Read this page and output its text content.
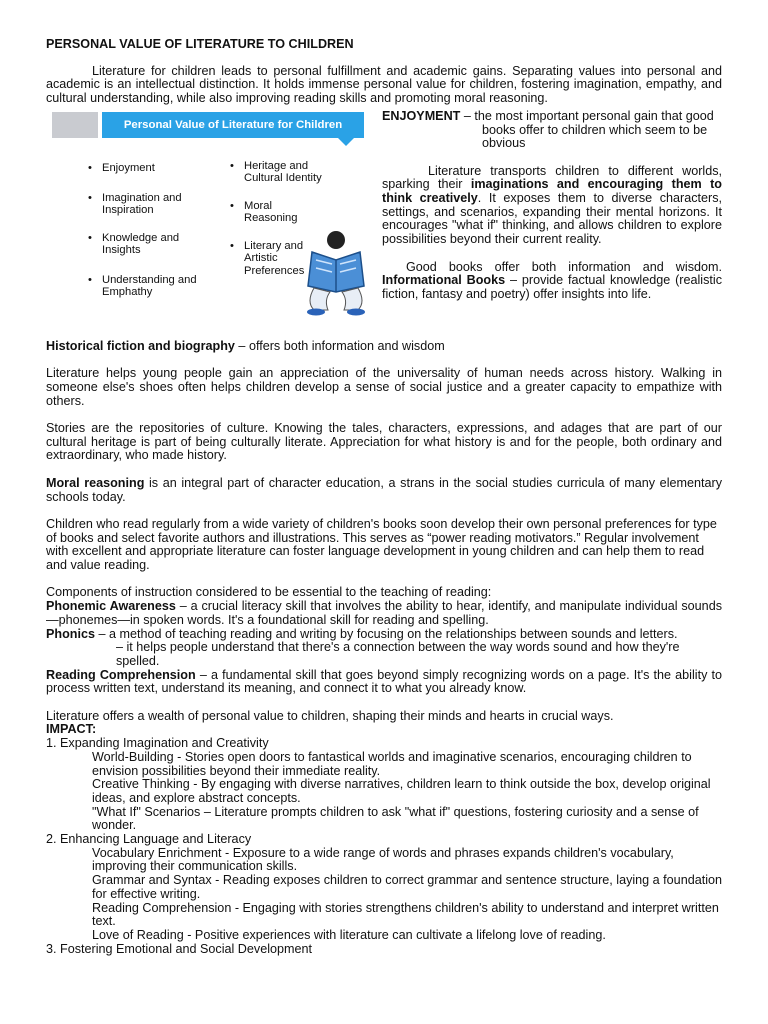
PERSONAL VALUE OF LITERATURE TO CHILDREN

Literature for children leads to personal fulfillment and academic gains. Separating values into personal and academic is an intellectual distinction. It holds immense personal value for children, fostering imagination, empathy, and cultural understanding, while also improving reading skills and promoting moral reasoning.

Personal Value of Literature for Children
• Enjoyment
• Imagination and Inspiration
• Knowledge and Insights
• Understanding and Emphathy
• Heritage and Cultural Identity
• Moral Reasoning
• Literary and Artistic Preferences

ENJOYMENT – the most important personal gain that good books offer to children which seem to be obvious

Literature transports children to different worlds, sparking their imaginations and encouraging them to think creatively. It exposes them to diverse characters, settings, and scenarios, expanding their mental horizons. It encourages "what if" thinking, and allows children to explore possibilities beyond their current reality.

Good books offer both information and wisdom. Informational Books – provide factual knowledge (realistic fiction, fantasy and poetry) offer insights into life.

Historical fiction and biography – offers both information and wisdom

Literature helps young people gain an appreciation of the universality of human needs across history. Walking in someone else's shoes often helps children develop a sense of social justice and a greater capacity to empathize with others.

Stories are the repositories of culture. Knowing the tales, characters, expressions, and adages that are part of our cultural heritage is part of being culturally literate. Appreciation for what history is and for the people, both ordinary and extraordinary, who made history.

Moral reasoning is an integral part of character education, a strans in the social studies curricula of many elementary schools today.

Children who read regularly from a wide variety of children's books soon develop their own personal preferences for type of books and select favorite authors and illustrations. This serves as “power reading motivators.” Regular involvement with excellent and appropriate literature can foster language development in young children and can help them to read and value reading.

Components of instruction considered to be essential to the teaching of reading:

Phonemic Awareness – a crucial literacy skill that involves the ability to hear, identify, and manipulate individual sounds—phonemes—in spoken words. It's a foundational skill for reading and spelling.

Phonics – a method of teaching reading and writing by focusing on the relationships between sounds and letters.

– it helps people understand that there's a connection between the way words sound and how they're spelled.

Reading Comprehension – a fundamental skill that goes beyond simply recognizing words on a page. It's the ability to process written text, understand its meaning, and connect it to what you already know.

Literature offers a wealth of personal value to children, shaping their minds and hearts in crucial ways.

IMPACT:

1. Expanding Imagination and Creativity

World-Building - Stories open doors to fantastical worlds and imaginative scenarios, encouraging children to envision possibilities beyond their immediate reality.

Creative Thinking - By engaging with diverse narratives, children learn to think outside the box, develop original ideas, and explore abstract concepts.

"What If" Scenarios – Literature prompts children to ask "what if" questions, fostering curiosity and a sense of wonder.

2. Enhancing Language and Literacy

Vocabulary Enrichment - Exposure to a wide range of words and phrases expands children's vocabulary, improving their communication skills.

Grammar and Syntax - Reading exposes children to correct grammar and sentence structure, laying a foundation for effective writing.

Reading Comprehension - Engaging with stories strengthens children's ability to understand and interpret written text.

Love of Reading - Positive experiences with literature can cultivate a lifelong love of reading.

3. Fostering Emotional and Social Development
